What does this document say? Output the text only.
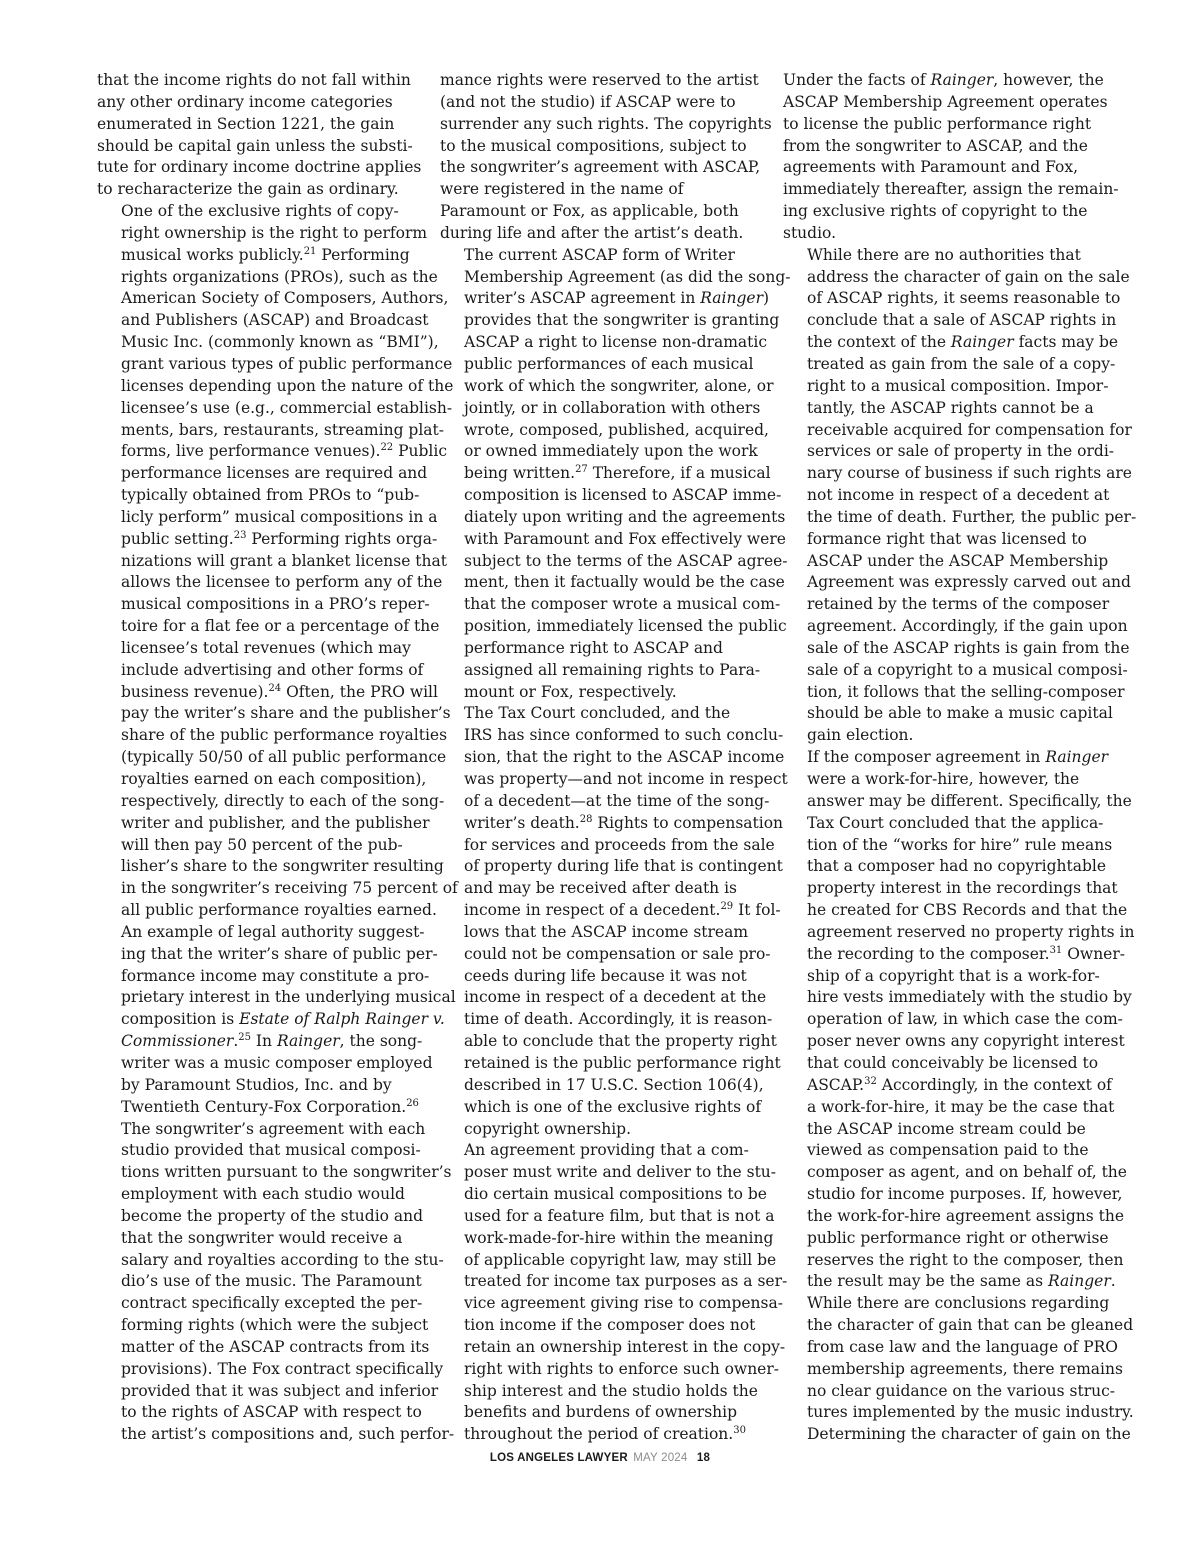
that the income rights do not fall within
any other ordinary income categories
enumerated in Section 1221, the gain
should be capital gain unless the substi-
tute for ordinary income doctrine applies
to recharacterize the gain as ordinary.

One of the exclusive rights of copy-
right ownership is the right to perform
musical works publicly.$^{21}$ Performing
rights organizations (PROs), such as the
American Society of Composers, Authors,
and Publishers (ASCAP) and Broadcast
Music Inc. (commonly known as “BMI”),
grant various types of public performance
licenses depending upon the nature of the
licensee’s use (e.g., commercial establish-
ments, bars, restaurants, streaming plat-
forms, live performance venues).$^{22}$ Public
performance licenses are required and
typically obtained from PROs to “pub-
licly perform” musical compositions in a
public setting.$^{23}$ Performing rights orga-
nizations will grant a blanket license that
allows the licensee to perform any of the
musical compositions in a PRO’s reper-
toire for a flat fee or a percentage of the
licensee’s total revenues (which may
include advertising and other forms of
business revenue).$^{24}$ Often, the PRO will
pay the writer’s share and the publisher’s
share of the public performance royalties
(typically 50/50 of all public performance
royalties earned on each composition),
respectively, directly to each of the song-
writer and publisher, and the publisher
will then pay 50 percent of the pub-
lisher’s share to the songwriter resulting
in the songwriter’s receiving 75 percent of
all public performance royalties earned.

An example of legal authority suggest-
ing that the writer’s share of public per-
formance income may constitute a pro-
prietary interest in the underlying musical
composition is Estate of Ralph Rainger v.
Commissioner.$^{25}$ In Rainger, the song-
writer was a music composer employed
by Paramount Studios, Inc. and by
Twentieth Century-Fox Corporation.$^{26}$
The songwriter’s agreement with each
studio provided that musical composi-
tions written pursuant to the songwriter’s
employment with each studio would
become the property of the studio and
that the songwriter would receive a
salary and royalties according to the stu-
dio’s use of the music. The Paramount
contract specifically excepted the per-
forming rights (which were the subject
matter of the ASCAP contracts from its
provisions). The Fox contract specifically
provided that it was subject and inferior
to the rights of ASCAP with respect to
the artist’s compositions and, such perfor-

mance rights were reserved to the artist
(and not the studio) if ASCAP were to
surrender any such rights. The copyrights
to the musical compositions, subject to
the songwriter’s agreement with ASCAP,
were registered in the name of
Paramount or Fox, as applicable, both
during life and after the artist’s death.

The current ASCAP form of Writer
Membership Agreement (as did the song-
writer’s ASCAP agreement in Rainger)
provides that the songwriter is granting
ASCAP a right to license non-dramatic
public performances of each musical
work of which the songwriter, alone, or
jointly, or in collaboration with others
wrote, composed, published, acquired,
or owned immediately upon the work
being written.$^{27}$ Therefore, if a musical
composition is licensed to ASCAP imme-
diately upon writing and the agreements
with Paramount and Fox effectively were
subject to the terms of the ASCAP agree-
ment, then it factually would be the case
that the composer wrote a musical com-
position, immediately licensed the public
performance right to ASCAP and
assigned all remaining rights to Para-
mount or Fox, respectively.

The Tax Court concluded, and the
IRS has since conformed to such conclu-
sion, that the right to the ASCAP income
was property—and not income in respect
of a decedent—at the time of the song-
writer’s death.$^{28}$ Rights to compensation
for services and proceeds from the sale
of property during life that is contingent
and may be received after death is
income in respect of a decedent.$^{29}$ It fol-
lows that the ASCAP income stream
could not be compensation or sale pro-
ceeds during life because it was not
income in respect of a decedent at the
time of death. Accordingly, it is reason-
able to conclude that the property right
retained is the public performance right
described in 17 U.S.C. Section 106(4),
which is one of the exclusive rights of
copyright ownership.

An agreement providing that a com-
poser must write and deliver to the stu-
dio certain musical compositions to be
used for a feature film, but that is not a
work-made-for-hire within the meaning
of applicable copyright law, may still be
treated for income tax purposes as a ser-
vice agreement giving rise to compensa-
tion income if the composer does not
retain an ownership interest in the copy-
right with rights to enforce such owner-
ship interest and the studio holds the
benefits and burdens of ownership
throughout the period of creation.$^{30}$

Under the facts of Rainger, however, the
ASCAP Membership Agreement operates
to license the public performance right
from the songwriter to ASCAP, and the
agreements with Paramount and Fox,
immediately thereafter, assign the remain-
ing exclusive rights of copyright to the
studio.

While there are no authorities that
address the character of gain on the sale
of ASCAP rights, it seems reasonable to
conclude that a sale of ASCAP rights in
the context of the Rainger facts may be
treated as gain from the sale of a copy-
right to a musical composition. Impor-
tantly, the ASCAP rights cannot be a
receivable acquired for compensation for
services or sale of property in the ordi-
nary course of business if such rights are
not income in respect of a decedent at
the time of death. Further, the public per-
formance right that was licensed to
ASCAP under the ASCAP Membership
Agreement was expressly carved out and
retained by the terms of the composer
agreement. Accordingly, if the gain upon
sale of the ASCAP rights is gain from the
sale of a copyright to a musical composi-
tion, it follows that the selling-composer
should be able to make a music capital
gain election.

If the composer agreement in Rainger
were a work-for-hire, however, the
answer may be different. Specifically, the
Tax Court concluded that the applica-
tion of the “works for hire” rule means
that a composer had no copyrightable
property interest in the recordings that
he created for CBS Records and that the
agreement reserved no property rights in
the recording to the composer.$^{31}$ Owner-
ship of a copyright that is a work-for-
hire vests immediately with the studio by
operation of law, in which case the com-
poser never owns any copyright interest
that could conceivably be licensed to
ASCAP.$^{32}$ Accordingly, in the context of
a work-for-hire, it may be the case that
the ASCAP income stream could be
viewed as compensation paid to the
composer as agent, and on behalf of, the
studio for income purposes. If, however,
the work-for-hire agreement assigns the
public performance right or otherwise
reserves the right to the composer, then
the result may be the same as Rainger.

While there are conclusions regarding
the character of gain that can be gleaned
from case law and the language of PRO
membership agreements, there remains
no clear guidance on the various struc-
tures implemented by the music industry.
Determining the character of gain on the

LOS ANGELES LAWYER MAY 2024 18
